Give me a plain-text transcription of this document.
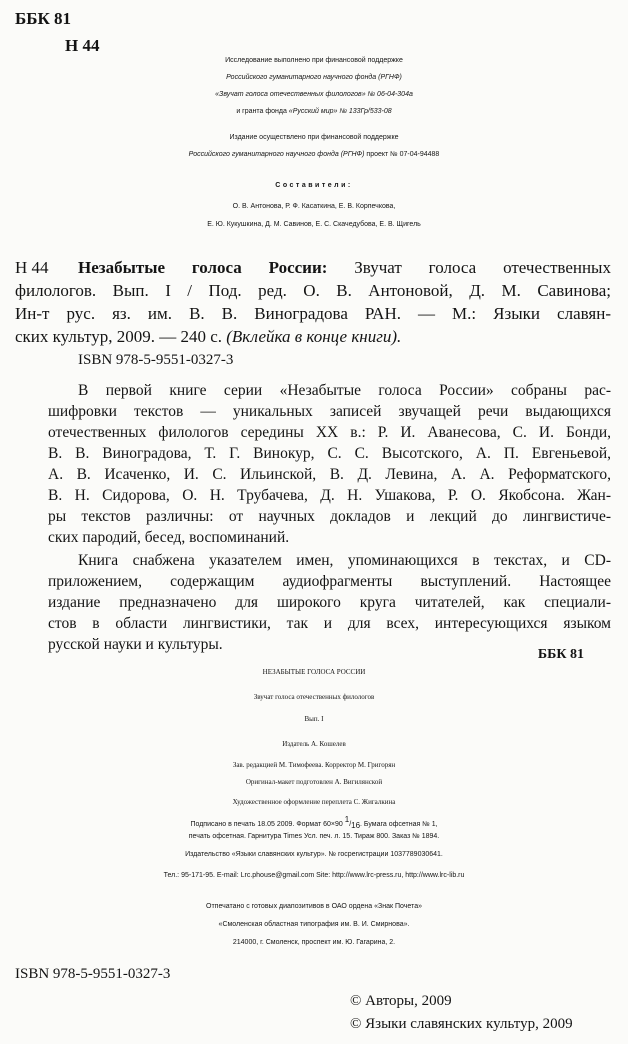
ББК 81
Н 44
Исследование выполнено при финансовой поддержке
Российского гуманитарного научного фонда (РГНФ)
«Звучат голоса отечественных филологов» № 06-04-304а
и гранта фонда «Русский мир» № 133Гр/533-08
Издание осуществлено при финансовой поддержке
Российского гуманитарного научного фонда (РГНФ) проект № 07-04-94488
Составители:
О. В. Антонова, Р. Ф. Касаткина, Е. В. Корпечкова,
Е. Ю. Кукушкина, Д. М. Савинов, Е. С. Скачедубова, Е. В. Щигель
Н 44 Незабытые голоса России: Звучат голоса отечественных
филологов. Вып. I / Под. ред. О. В. Антоновой, Д. М. Савинова;
Ин-т рус. яз. им. В. В. Виноградова РАН. — М.: Языки славян-
ских культур, 2009. — 240 с. (Вклейка в конце книги).
ISBN 978-5-9551-0327-3
В первой книге серии «Незабытые голоса России» собраны рас-
шифровки текстов — уникальных записей звучащей речи выдающихся
отечественных филологов середины XX в.: Р. И. Аванесова, С. И. Бонди,
В. В. Виноградова, Т. Г. Винокур, С. С. Высотского, А. П. Евгеньевой,
А. В. Исаченко, И. С. Ильинской, В. Д. Левина, А. А. Реформатского,
В. Н. Сидорова, О. Н. Трубачева, Д. Н. Ушакова, Р. О. Якобсона. Жан-
ры текстов различны: от научных докладов и лекций до лингвистиче-
ских пародий, бесед, воспоминаний.
Книга снабжена указателем имен, упоминающихся в текстах, и CD-
приложением, содержащим аудиофрагменты выступлений. Настоящее
издание предназначено для широкого круга читателей, как специали-
стов в области лингвистики, так и для всех, интересующихся языком
русской науки и культуры.
ББК 81
НЕЗАБЫТЫЕ ГОЛОСА РОССИИ
Звучат голоса отечественных филологов
Вып. I
Издатель А. Кошелев
Зав. редакцией М. Тимофеева. Корректор М. Григорян
Оригинал-макет подготовлен А. Вигилянской
Художественное оформление переплета С. Жигалкина
Подписано в печать 18.05 2009. Формат 60×90 1/16. Бумага офсетная № 1,
печать офсетная. Гарнитура Times Усл. печ. л. 15. Тираж 800. Заказ № 1894.
Издательство «Языки славянских культур». № госрегистрации 1037789030641.
Тел.: 95-171-95. E-mail: Lrc.phouse@gmail.com Site: http://www.lrc-press.ru, http://www.lrc-lib.ru
Отпечатано с готовых диапозитивов в ОАО ордена «Знак Почета»
«Смоленская областная типография им. В. И. Смирнова».
214000, г. Смоленск, проспект им. Ю. Гагарина, 2.
ISBN 978-5-9551-0327-3
© Авторы, 2009
© Языки славянских культур, 2009
